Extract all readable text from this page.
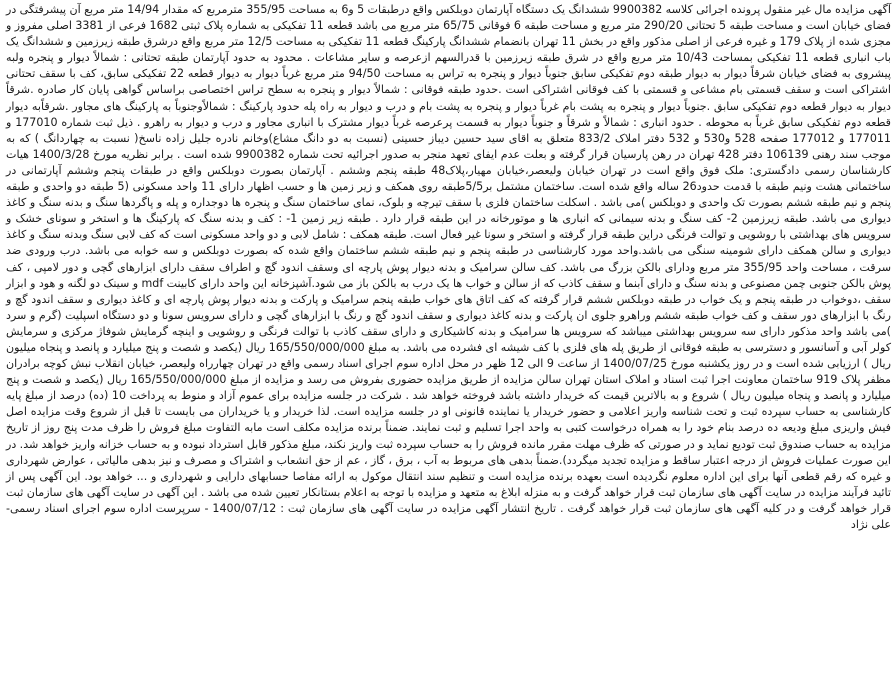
آگهی مزایده مال غیر منقول پرونده اجرائی کلاسه 9900382 ششدانگ یک دستگاه آپارتمان دوبلکس واقع درطبقات 5 و6 به مساحت 355/95 مترمربع که مقدار 14/94 متر مربع آن پیشرفتگی در فضای خیابان است و مساحت طبقه 5 تحتانی 290/20 متر مربع و مساحت طبقه 6 فوقانی 65/75 متر مربع می باشد قطعه 11 تفکیکی به شماره پلاک ثبتی 1682 فرعی از 3381 اصلی مفروز و مجزی شده از پلاک 179 و غیره فرعی از اصلی مذکور واقع در بخش 11 تهران بانضمام ششدانگ پارکینگ قطعه 11 تفکیکی به مساحت 12/5 متر مربع واقع درشرق طبقه زیرزمین و ششدانگ یک باب انباری قطعه 11 تفکیکی بمساحت 10/43 متر مربع واقع در شرق طبقه زیرزمین با قدرالسهم ازعرصه و سایر مشاعات . محدود به حدود آپارتمان طبقه تحتانی : شمالاً دیوار و پنجره ولبه پیشروی به فضای خیابان شرقاً دیوار به دیوار طبقه دوم تفکیکی سابق جنوباً دیوار و پنجره به تراس به مساحت 94/50 متر مربع غرباً دیوار به دیوار قطعه 22 تفکیکی سابق، کف با سقف تحتانی اشتراکی است و سقف قسمتی بام مشاعی و قسمتی با کف فوقانی اشتراکی است .حدود طبقه فوقانی : شمالاً دیوار و پنجره به سطح تراس اختصاصی براساس گواهی پایان کار صادره .شرقاً دیوار به دیوار قطعه دوم تفکیکی سابق .جنوباً دیوار و پنجره به پشت بام غرباً دیوار و پنجره به پشت بام و درب و دیوار به راه پله حدود پارکینگ : شمالاًوجنوباً به پارکینگ های مجاور .شرقاًبه دیوار قطعه دوم تفکیکی سابق غرباً به محوطه . حدود انباری : شمالاً و شرقاً و جنوباً دیوار به قسمت پرعرصه غرباً دیوار مشترک با انباری مجاور و درب و دیوار به راهرو . ذیل ثبت شماره 177010 و 177011 و 177012 صفحه 528 و530 و 532 دفتر املاک 833/2 متعلق به اقای سید حسین دیباز حسینی (نسبت به دو دانگ مشاع)وخانم نادره جلیل زاده ناسخ( نسبت به چهاردانگ ) که به موجب سند رهنی 106139 دفتر 428 تهران در رهن پارسیان قرار گرفته و بعلت عدم ایفای تعهد منجر به صدور اجرائیه تحت شماره 9900382 شده است . برابر نظریه مورخ 1400/3/28 هیات کارشناسان رسمی دادگستری: ملک فوق واقع است در تهران خیابان ولیعصر،خیابان مهیار،پلاک48 طبقه پنجم وششم . آپارتمان بصورت دوبلکس واقع در طبقات پنجم وششم آپارتمانی در ساختمانی هشت ونیم طبقه با قدمت حدود26 ساله واقع شده است. ساختمان مشتمل بر5/5طبقه روی همکف و زیر زمین ها و حسب اظهار دارای 11 واحد مسکونی (5 طبقه دو واحدی و طبقه پنجم و نیم طبقه ششم بصورت تک واحدی و دوبلکس )می باشد . اسکلت ساختمان فلزی با سقف تیرچه و بلوک، نمای ساختمان سنگ و پنجره ها دوجداره و پله و پاگردها سنگ و بدنه سنگ و کاغذ دیواری می باشد. طبقه زیرزمین 2- کف سنگ و بدنه سیمانی که انباری ها و موتورخانه در این طبقه قرار دارد . طبقه زیر زمین 1- : کف و بدنه سنگ که پارکینگ ها و استخر و سونای خشک و سرویس های بهداشتی با روشویی و توالت فرنگی دراین طبقه قرار گرفته و استخر و سونا غیر فعال است. طبقه همکف : شامل لابی و دو واحد مسکونی است که کف لابی سنگ وبدنه سنگ و کاغذ دیواری و سالن همکف دارای شومینه سنگی می باشد.واحد مورد کارشناسی در طبقه پنجم و نیم طبقه ششم ساختمان واقع شده که بصورت دوبلکس و سه خوابه می باشد. درب ورودی ضد سرقت ، مساحت واحد 355/95 متر مربع ودارای بالکن بزرگ می باشد. کف سالن سرامیک و بدنه دیوار پوش پارچه ای وسقف اندود گچ و اطراف سقف دارای ابزارهای گچی و دور لامپی ، کف پوش بالکن جنوبی چمن مصنوعی و بدنه سنگ و دارای آبنما و سقف کاذب که از سالن و خواب ها یک درب به بالکن باز می شود.آشپزخانه این واحد دارای کابینت mdf و سینک دو لگنه و هود و ابزار سقف ،دوخواب در طبقه پنجم و یک خواب در طبقه دوبلکس ششم قرار گرفته که کف اتاق های خواب طبقه پنجم سرامیک و پارکت و بدنه دیوار پوش پارچه ای و کاغذ دیواری و سقف اندود گچ و رنگ با ابزارهای دور سقف و کف خواب طبقه ششم وراهرو جلوی ان پارکت و بدنه کاغذ دیواری و سقف اندود گچ و رنگ با ابزارهای گچی و دارای سرویس سونا و دو دستگاه اسپلیت (گرم و سرد )می باشد واحد مذکور دارای سه سرویس بهداشتی میباشد که سرویس ها سرامیک و بدنه کاشیکاری و دارای سقف کاذب با توالت فرنگی و روشویی و اینچه گرمایش شوفاژ مرکزی و سرمایش کولر آبی و آسانسور و دسترسی به طبقه فوقانی از طریق پله های فلزی با کف شیشه ای فشرده می باشد. به مبلغ 165/550/000/000 ریال (یکصد و شصت و پنج میلیارد و پانصد و پنجاه میلیون ریال ) ارزیابی شده است و در روز یکشنبه مورخ 1400/07/25 از ساعت 9 الی 12 ظهر در محل اداره سوم اجرای اسناد رسمی واقع در تهران چهارراه ولیعصر، خیابان انقلاب نبش کوچه برادران مظفر پلاک 919 ساختمان معاونت اجرا ثبت اسناد و املاک استان تهران سالن مزایده از طریق مزایده حضوری بفروش می رسد و مزایده از مبلغ 165/550/000/000 ریال (یکصد و شصت و پنج میلیارد و پانصد و پنجاه میلیون ریال ) شروع و به بالاترین قیمت که خریدار داشته باشد فروخته خواهد شد . شرکت در جلسه مزایده برای عموم آزاد و منوط به پرداخت 10 (ده) درصد از مبلغ پایه کارشناسی به حساب سپرده ثبت و تحت شناسه واریز اعلامی و حضور خریدار یا نماینده قانونی او در جلسه مزایده است. لذا خریدار و یا خریداران می بایست تا قبل از شروع وقت مزایده اصل فیش واریزی مبلغ ودیعه ده درصد بنام خود را به همراه درخواست کتبی به واحد اجرا تسلیم و ثبت نمایند. ضمناً برنده مزایده مکلف است مابه التفاوت مبلغ فروش را ظرف مدت پنج روز از تاریخ مزایده به حساب صندوق ثبت تودیع نماید و در صورتی که ظرف مهلت مقرر مانده فروش را به حساب سپرده ثبت واریز نکند، مبلغ مذکور قابل استرداد نبوده و به حساب خزانه واریز خواهد شد. در این صورت عملیات فروش از درجه اعتبار ساقط و مزایده تجدید میگردد).ضمناً بدهی های مربوط به آب ، برق ، گاز ، عم از حق انشعاب و اشتراک و مصرف و نیز بدهی مالیاتی ، عوارض شهرداری و غیره که رقم قطعی آنها برای این اداره معلوم نگردیده است بعهده برنده مزایده است و تنظیم سند انتقال موکول به ارائه مفاصا حسابهای دارایی و شهرداری و ... خواهد بود. این آگهی پس از تائید فرآیند مزایده در سایت آگهی های سازمان ثبت قرار خواهد گرفت و به منزله ابلاغ به متعهد و مزایده با توجه به اعلام بستانکار تعیین شده می باشد . این آگهی در سایت آگهی های سازمان ثبت قرار خواهد گرفت و در کلیه آگهی های سازمان ثبت قرار خواهد گرفت . تاریخ انتشار آگهی مزایده در سایت آگهی های سازمان ثبت : 1400/07/12 - سرپرست اداره سوم اجرای اسناد رسمی- علی نژاد
